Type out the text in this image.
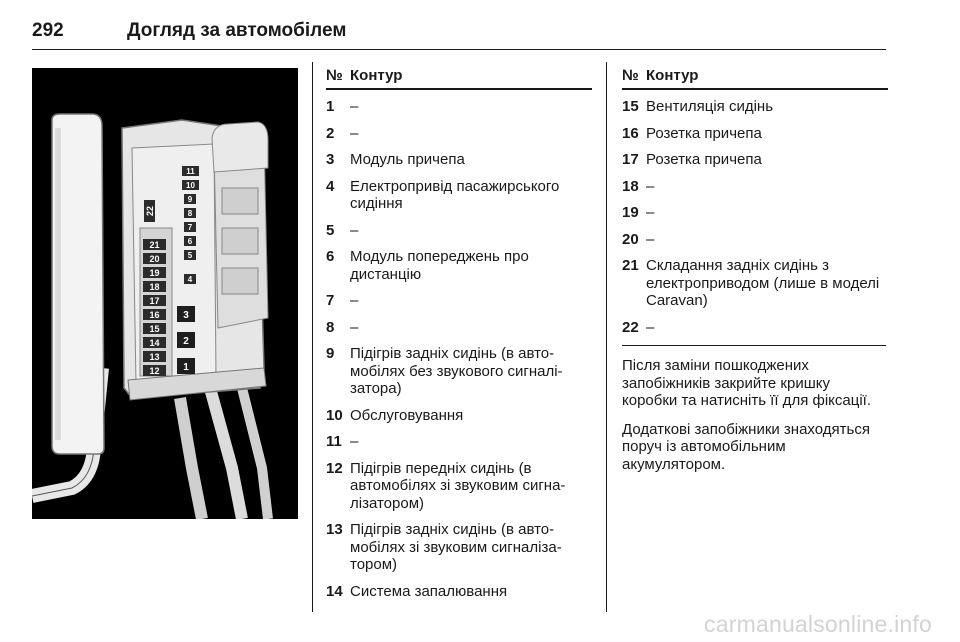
292	Догляд за автомобілем
12
13
14
15
16
17
18
19
20
21
22
1
2
3
4
5
6
7
8
9
10
11
№ Контур
1	–
2	–
3	Модуль причепа
4	Електропривід пасажирського сидіння
5	–
6	Модуль попереджень про дистанцію
7	–
8	–
9	Підігрів задніх сидінь (в автомобілях без звукового сигналізатора)
10 Обслуговування
11 –
12 Підігрів передніх сидінь (в автомобілях зі звуковим сигналізатором)
13 Підігрів задніх сидінь (в автомобілях зі звуковим сигналізатором)
14 Система запалювання
№ Контур
15 Вентиляція сидінь
16 Розетка причепа
17 Розетка причепа
18 –
19 –
20 –
21 Складання задніх сидінь з електроприводом (лише в моделі Caravan)
22 –
Після заміни пошкоджених запобіжників закрийте кришку коробки та натисніть її для фіксації.
Додаткові запобіжники знаходяться поруч із автомобільним акумулятором.
carmanualsonline.info
